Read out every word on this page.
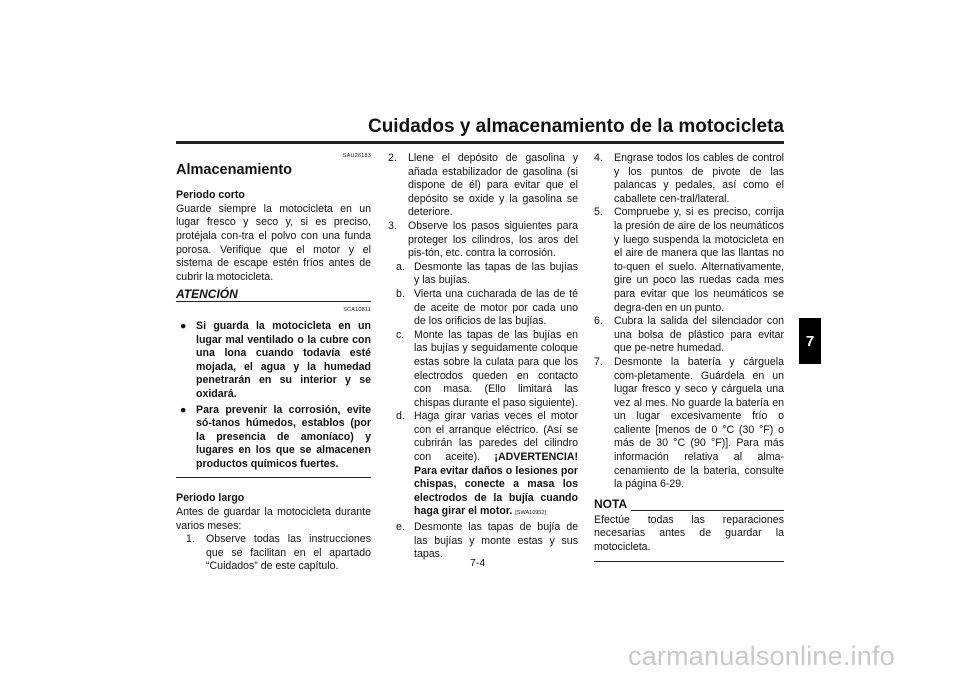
Cuidados y almacenamiento de la motocicleta
7
SAU26183
Almacenamiento
Periodo corto

Guarde siempre la motocicleta en un lugar fresco y seco y, si es preciso, protéjala con-tra el polvo con una funda porosa. Verifique que el motor y el sistema de escape estén fríos antes de cubrir la motocicleta.

ATENCIÓN
SCA10811
● Si guarda la motocicleta en un lugar mal ventilado o la cubre con una lona cuando todavía esté mojada, el agua y la humedad penetrarán en su interior y se oxidará.
● Para prevenir la corrosión, evite só-tanos húmedos, establos (por la presencia de amoníaco) y lugares en los que se almacenen productos químicos fuertes.
Periodo largo

Antes de guardar la motocicleta durante varios meses:

1.	Observe todas las instrucciones que se facilitan en el apartado “Cuidados” de este capítulo.
2.	Llene el depósito de gasolina y añada estabilizador de gasolina (si dispone de él) para evitar que el depósito se oxide y la gasolina se deteriore.
3.	Observe los pasos siguientes para proteger los cilindros, los aros del pis-tón, etc. contra la corrosión.
a. Desmonte las tapas de las bujías y las bujías.
b. Vierta una cucharada de las de té de aceite de motor por cada uno de los orificios de las bujías.
c. Monte las tapas de las bujías en las bujías y seguidamente coloque estas sobre la culata para que los electrodos queden en contacto con masa. (Ello limitará las chispas durante el paso siguiente).
d. Haga girar varias veces el motor con el arranque eléctrico. (Así se cubrirán las paredes del cilindro con aceite). ¡ADVERTENCIA! Para evitar daños o lesiones por chispas, conecte a masa los electrodos de la bujía cuando haga girar el motor. [SWA10952]
e. Desmonte las tapas de bujía de las bujías y monte estas y sus tapas.
4.	Engrase todos los cables de control y los puntos de pivote de las palancas y pedales, así como el caballete cen-tral/lateral.
5.	Compruebe y, si es preciso, corrija la presión de aire de los neumáticos y luego suspenda la motocicleta en el aire de manera que las llantas no to-quen el suelo. Alternativamente, gire un poco las ruedas cada mes para evitar que los neumáticos se degra-den en un punto.
6.	Cubra la salida del silenciador con una bolsa de plástico para evitar que pe-netre humedad.
7.	Desmonte la batería y cárguela com-pletamente. Guárdela en un lugar fresco y seco y cárguela una vez al mes. No guarde la batería en un lugar excesivamente frío o caliente [menos de 0 °C (30 °F) o más de 30 °C (90 °F)]. Para más información relativa al alma-cenamiento de la batería, consulte la página 6-29.
NOTA

Efectúe todas las reparaciones necesarias antes de guardar la motocicleta.

7-4
carmanualsonline.info
